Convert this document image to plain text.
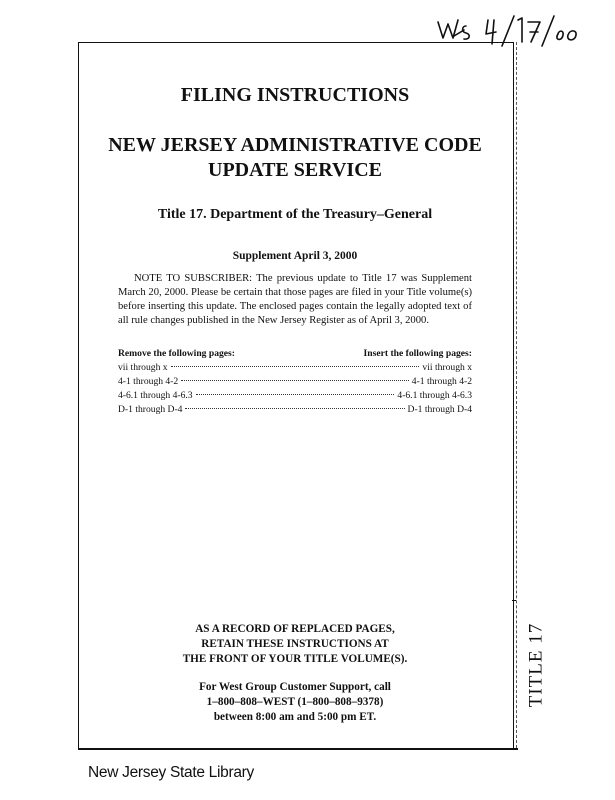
FILING INSTRUCTIONS
NEW JERSEY ADMINISTRATIVE CODE
UPDATE SERVICE
Title 17. Department of the Treasury–General
Supplement April 3, 2000
NOTE TO SUBSCRIBER: The previous update to Title 17 was Supplement March 20, 2000. Please be certain that those pages are filed in your Title volume(s) before inserting this update. The enclosed pages contain the legally adopted text of all rule changes published in the New Jersey Register as of April 3, 2000.
Remove the following pages:	Insert the following pages:
vii through x	vii through x
4-1 through 4-2	4-1 through 4-2
4-6.1 through 4-6.3	4-6.1 through 4-6.3
D-1 through D-4	D-1 through D-4
AS A RECORD OF REPLACED PAGES,
RETAIN THESE INSTRUCTIONS AT
THE FRONT OF YOUR TITLE VOLUME(S).
For West Group Customer Support, call
1–800–808–WEST (1–800–808–9378)
between 8:00 am and 5:00 pm ET.
TITLE 17
New Jersey State Library
